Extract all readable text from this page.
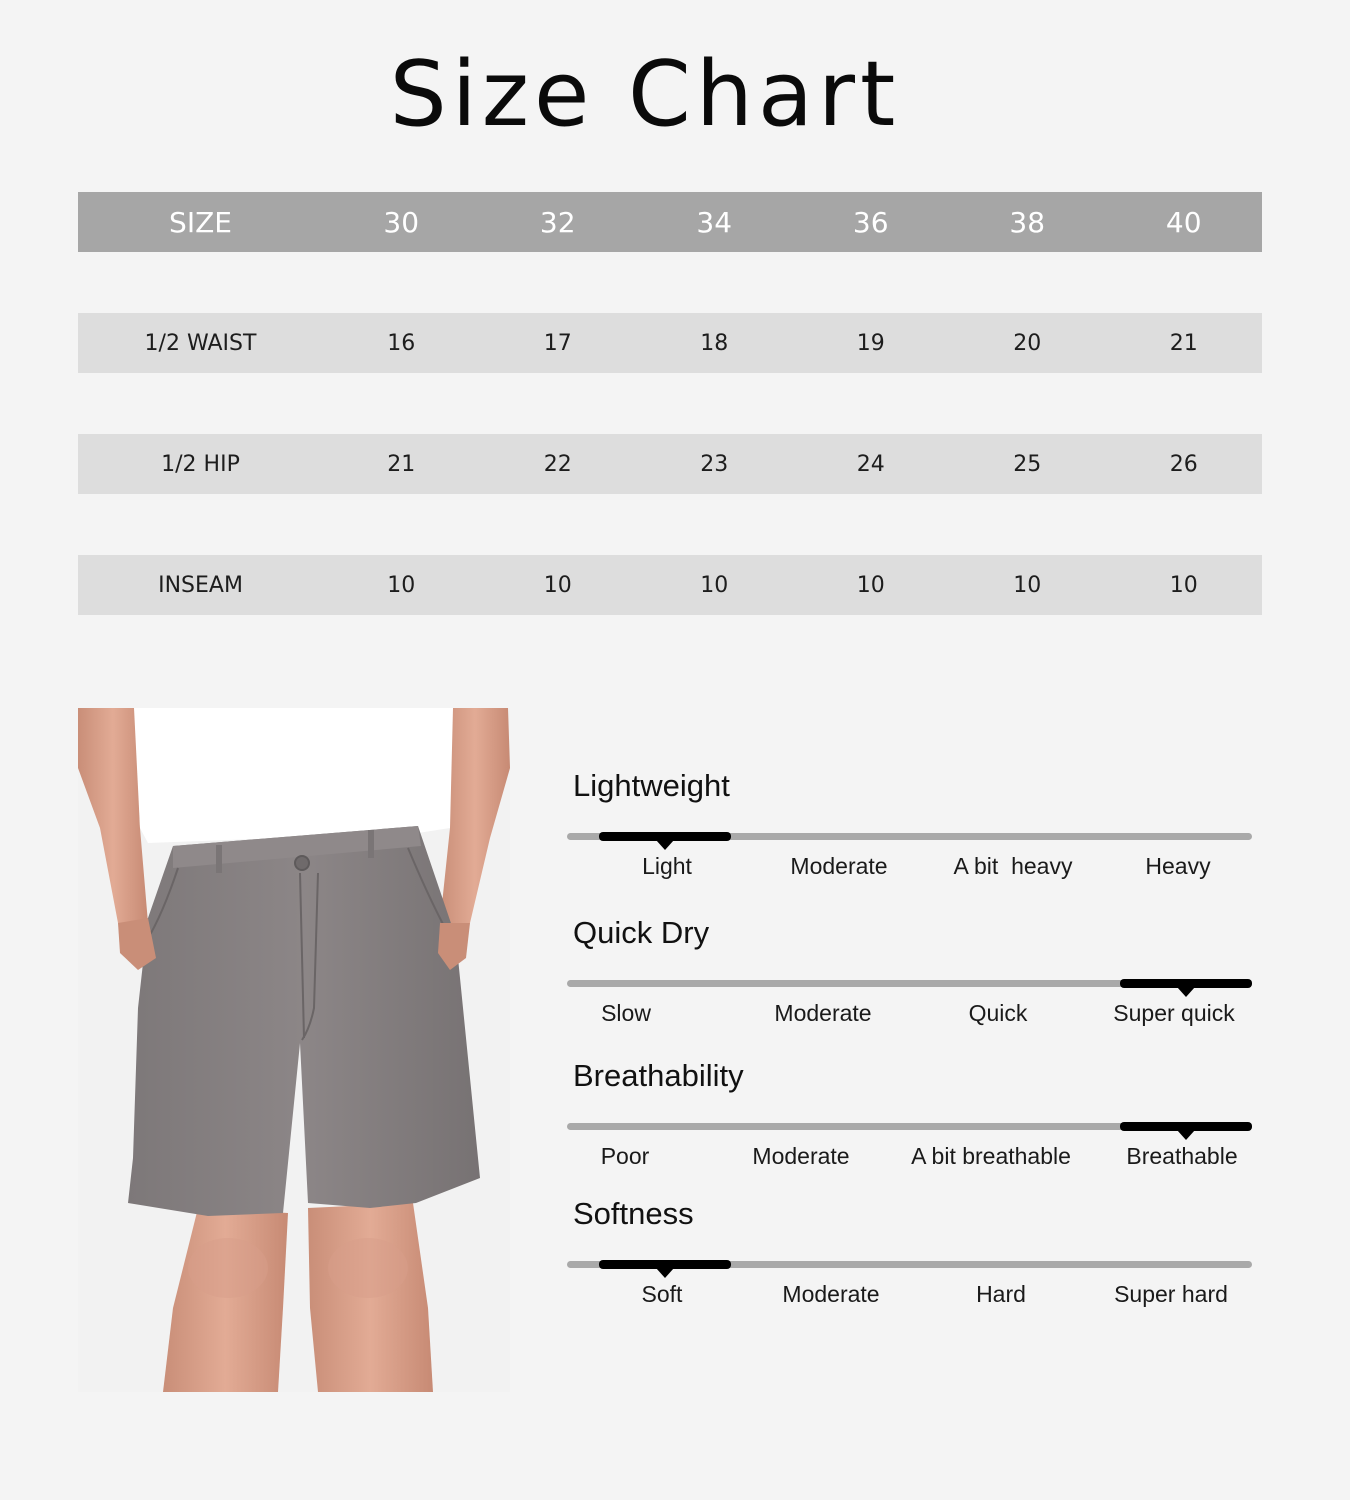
Size Chart
SIZE	30	32	34	36	38	40
1/2 WAIST	16	17	18	19	20	21
1/2 HIP	21	22	23	24	25	26
INSEAM	10	10	10	10	10	10
Lightweight
Light	Moderate	A bit  heavy	Heavy
Quick Dry
Slow	Moderate	Quick	Super quick
Breathability
Poor	Moderate	A bit breathable Breathable
Softness
Soft	Moderate	Hard	Super hard
